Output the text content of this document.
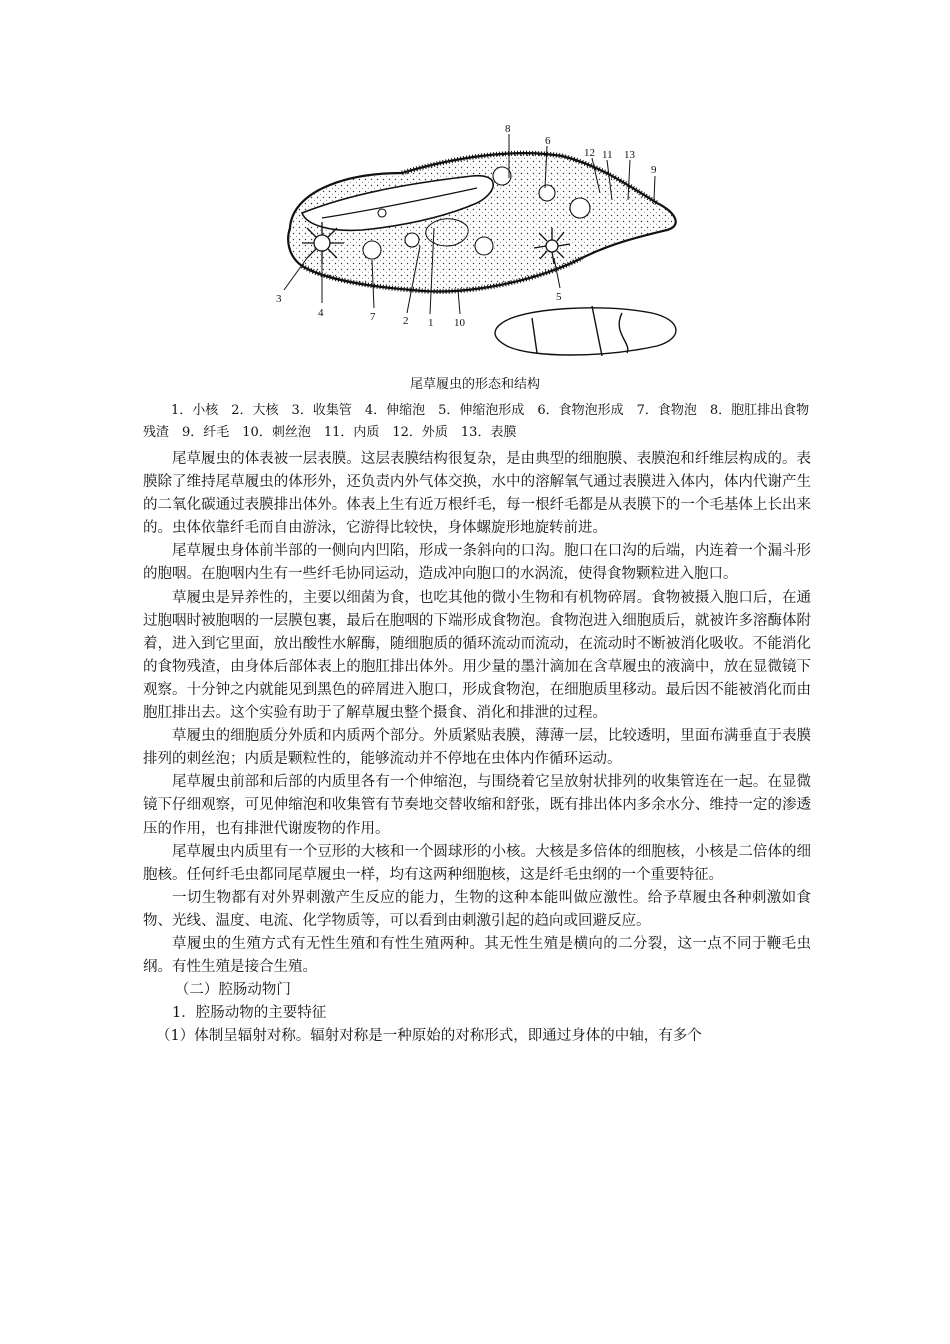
8
6
12 11 13
9
3
4	7	2 1 10
5
尾草履虫的形态和结构
1．小核　2．大核　3．收集管　4．伸缩泡　5．伸缩泡形成　6．食物泡形成　7．食物泡　8．胞肛排出食物残渣　9．纤毛　10．刺丝泡　11．内质　12．外质　13．表膜

尾草履虫的体表被一层表膜。这层表膜结构很复杂，是由典型的细胞膜、表膜泡和纤维层构成的。表膜除了维持尾草履虫的体形外，还负责内外气体交换，水中的溶解氧气通过表膜进入体内，体内代谢产生的二氧化碳通过表膜排出体外。体表上生有近万根纤毛，每一根纤毛都是从表膜下的一个毛基体上长出来的。虫体依靠纤毛而自由游泳，它游得比较快，身体螺旋形地旋转前进。

尾草履虫身体前半部的一侧向内凹陷，形成一条斜向的口沟。胞口在口沟的后端，内连着一个漏斗形的胞咽。在胞咽内生有一些纤毛协同运动，造成冲向胞口的水涡流，使得食物颗粒进入胞口。

草履虫是异养性的，主要以细菌为食，也吃其他的微小生物和有机物碎屑。食物被摄入胞口后，在通过胞咽时被胞咽的一层膜包裹，最后在胞咽的下端形成食物泡。食物泡进入细胞质后，就被许多溶酶体附着，进入到它里面，放出酸性水解酶，随细胞质的循环流动而流动，在流动时不断被消化吸收。不能消化的食物残渣，由身体后部体表上的胞肛排出体外。用少量的墨汁滴加在含草履虫的液滴中，放在显微镜下观察。十分钟之内就能见到黑色的碎屑进入胞口，形成食物泡，在细胞质里移动。最后因不能被消化而由胞肛排出去。这个实验有助于了解草履虫整个摄食、消化和排泄的过程。

草履虫的细胞质分外质和内质两个部分。外质紧贴表膜，薄薄一层，比较透明，里面布满垂直于表膜排列的刺丝泡；内质是颗粒性的，能够流动并不停地在虫体内作循环运动。

尾草履虫前部和后部的内质里各有一个伸缩泡，与围绕着它呈放射状排列的收集管连在一起。在显微镜下仔细观察，可见伸缩泡和收集管有节奏地交替收缩和舒张，既有排出体内多余水分、维持一定的渗透压的作用，也有排泄代谢废物的作用。

尾草履虫内质里有一个豆形的大核和一个圆球形的小核。大核是多倍体的细胞核，小核是二倍体的细胞核。任何纤毛虫都同尾草履虫一样，均有这两种细胞核，这是纤毛虫纲的一个重要特征。

一切生物都有对外界刺激产生反应的能力，生物的这种本能叫做应激性。给予草履虫各种刺激如食物、光线、温度、电流、化学物质等，可以看到由刺激引起的趋向或回避反应。

草履虫的生殖方式有无性生殖和有性生殖两种。其无性生殖是横向的二分裂，这一点不同于鞭毛虫纲。有性生殖是接合生殖。

（二）腔肠动物门

1．腔肠动物的主要特征

（1）体制呈辐射对称。辐射对称是一种原始的对称形式，即通过身体的中轴，有多个
